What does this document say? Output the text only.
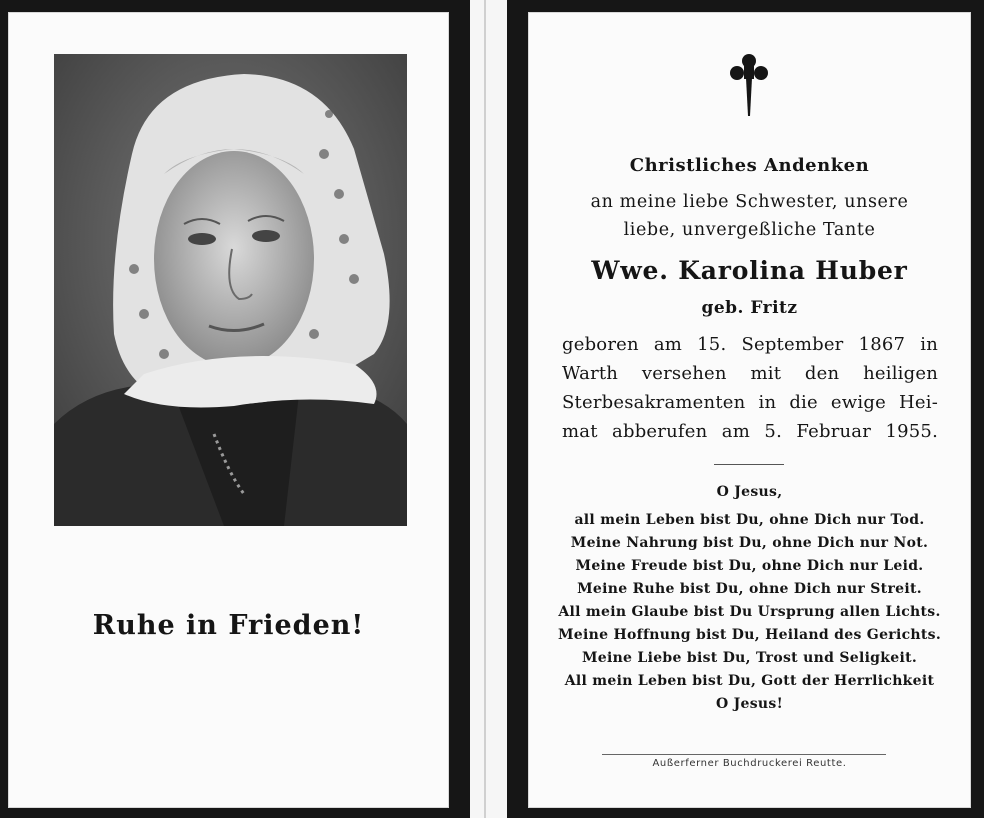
Ruhe in Frieden!
Christliches Andenken
an meine liebe Schwester, unsere
liebe, unvergeßliche Tante
Wwe. Karolina Huber
geb. Fritz
geboren am 15. September 1867 in
Warth versehen mit den heiligen
Sterbesakramenten in die ewige Hei-
mat abberufen am 5. Februar 1955.
O Jesus,
all mein Leben bist Du, ohne Dich nur Tod.
Meine Nahrung bist Du, ohne Dich nur Not.
Meine Freude bist Du, ohne Dich nur Leid.
Meine Ruhe bist Du, ohne Dich nur Streit.
All mein Glaube bist Du Ursprung allen Lichts.
Meine Hoffnung bist Du, Heiland des Gerichts.
Meine Liebe bist Du, Trost und Seligkeit.
All mein Leben bist Du, Gott der Herrlichkeit
O Jesus!
Außerferner Buchdruckerei Reutte.
